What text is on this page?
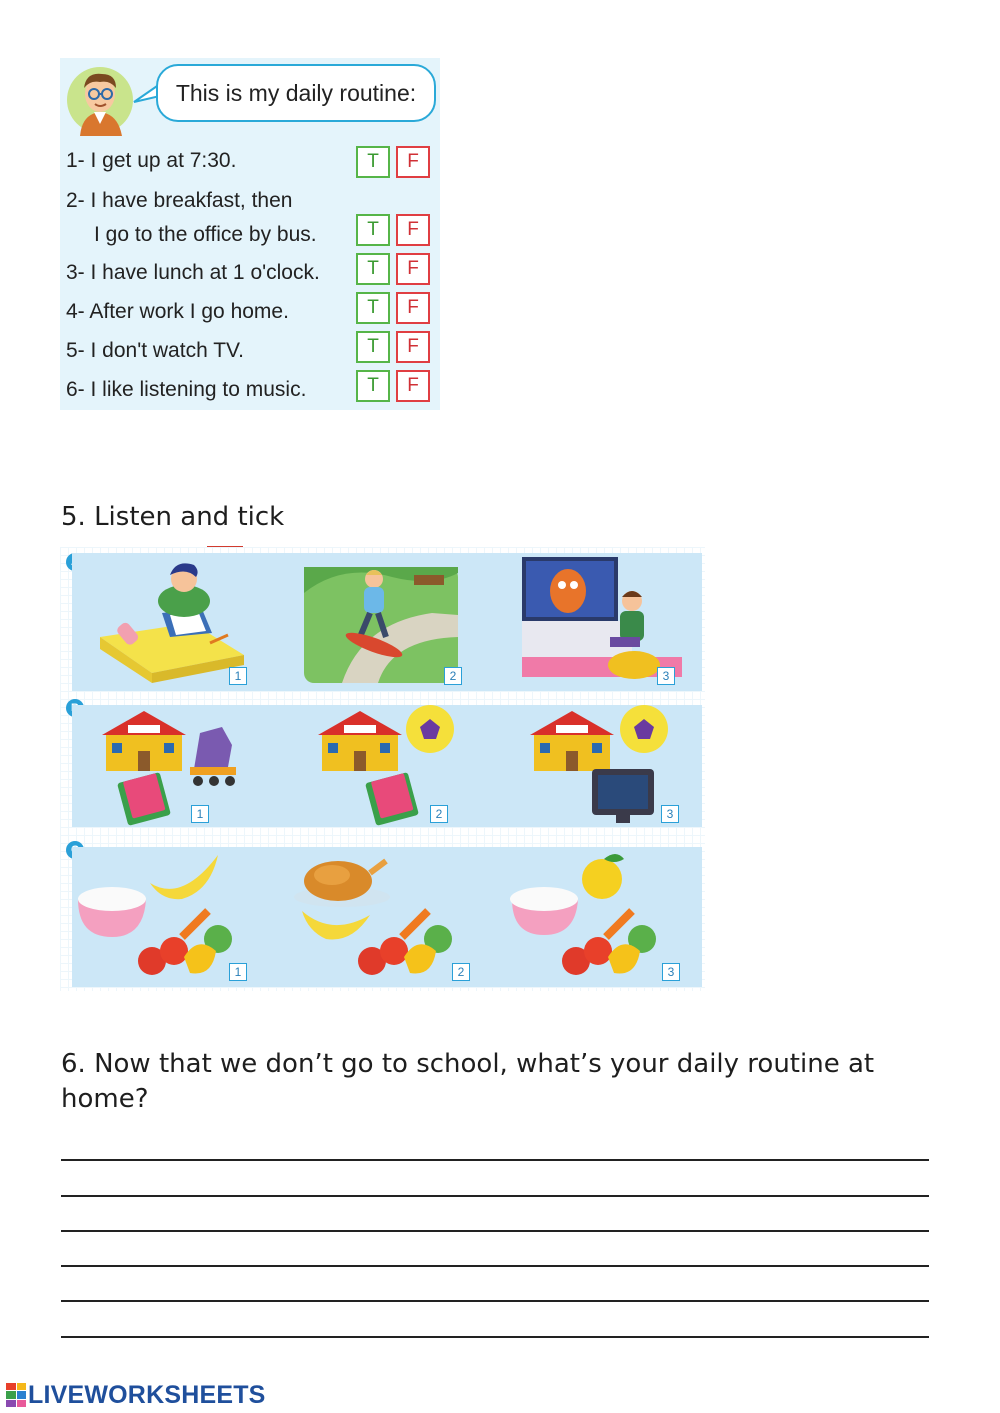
This is my daily routine:
1- I get up at 7:30.	T	F
2- I have breakfast, then
I go to the office by bus.	T	F
3- I have lunch at 1 o'clock.	T	F
4- After work I go home.	T	F
5- I don't watch TV.	T	F
6- I like listening to music.	T	F
5. Listen and tick
1	2	3
1	2	3
1	2	3
6. Now that we don’t go to school, what’s your daily routine at home?
LIVEWORKSHEETS
